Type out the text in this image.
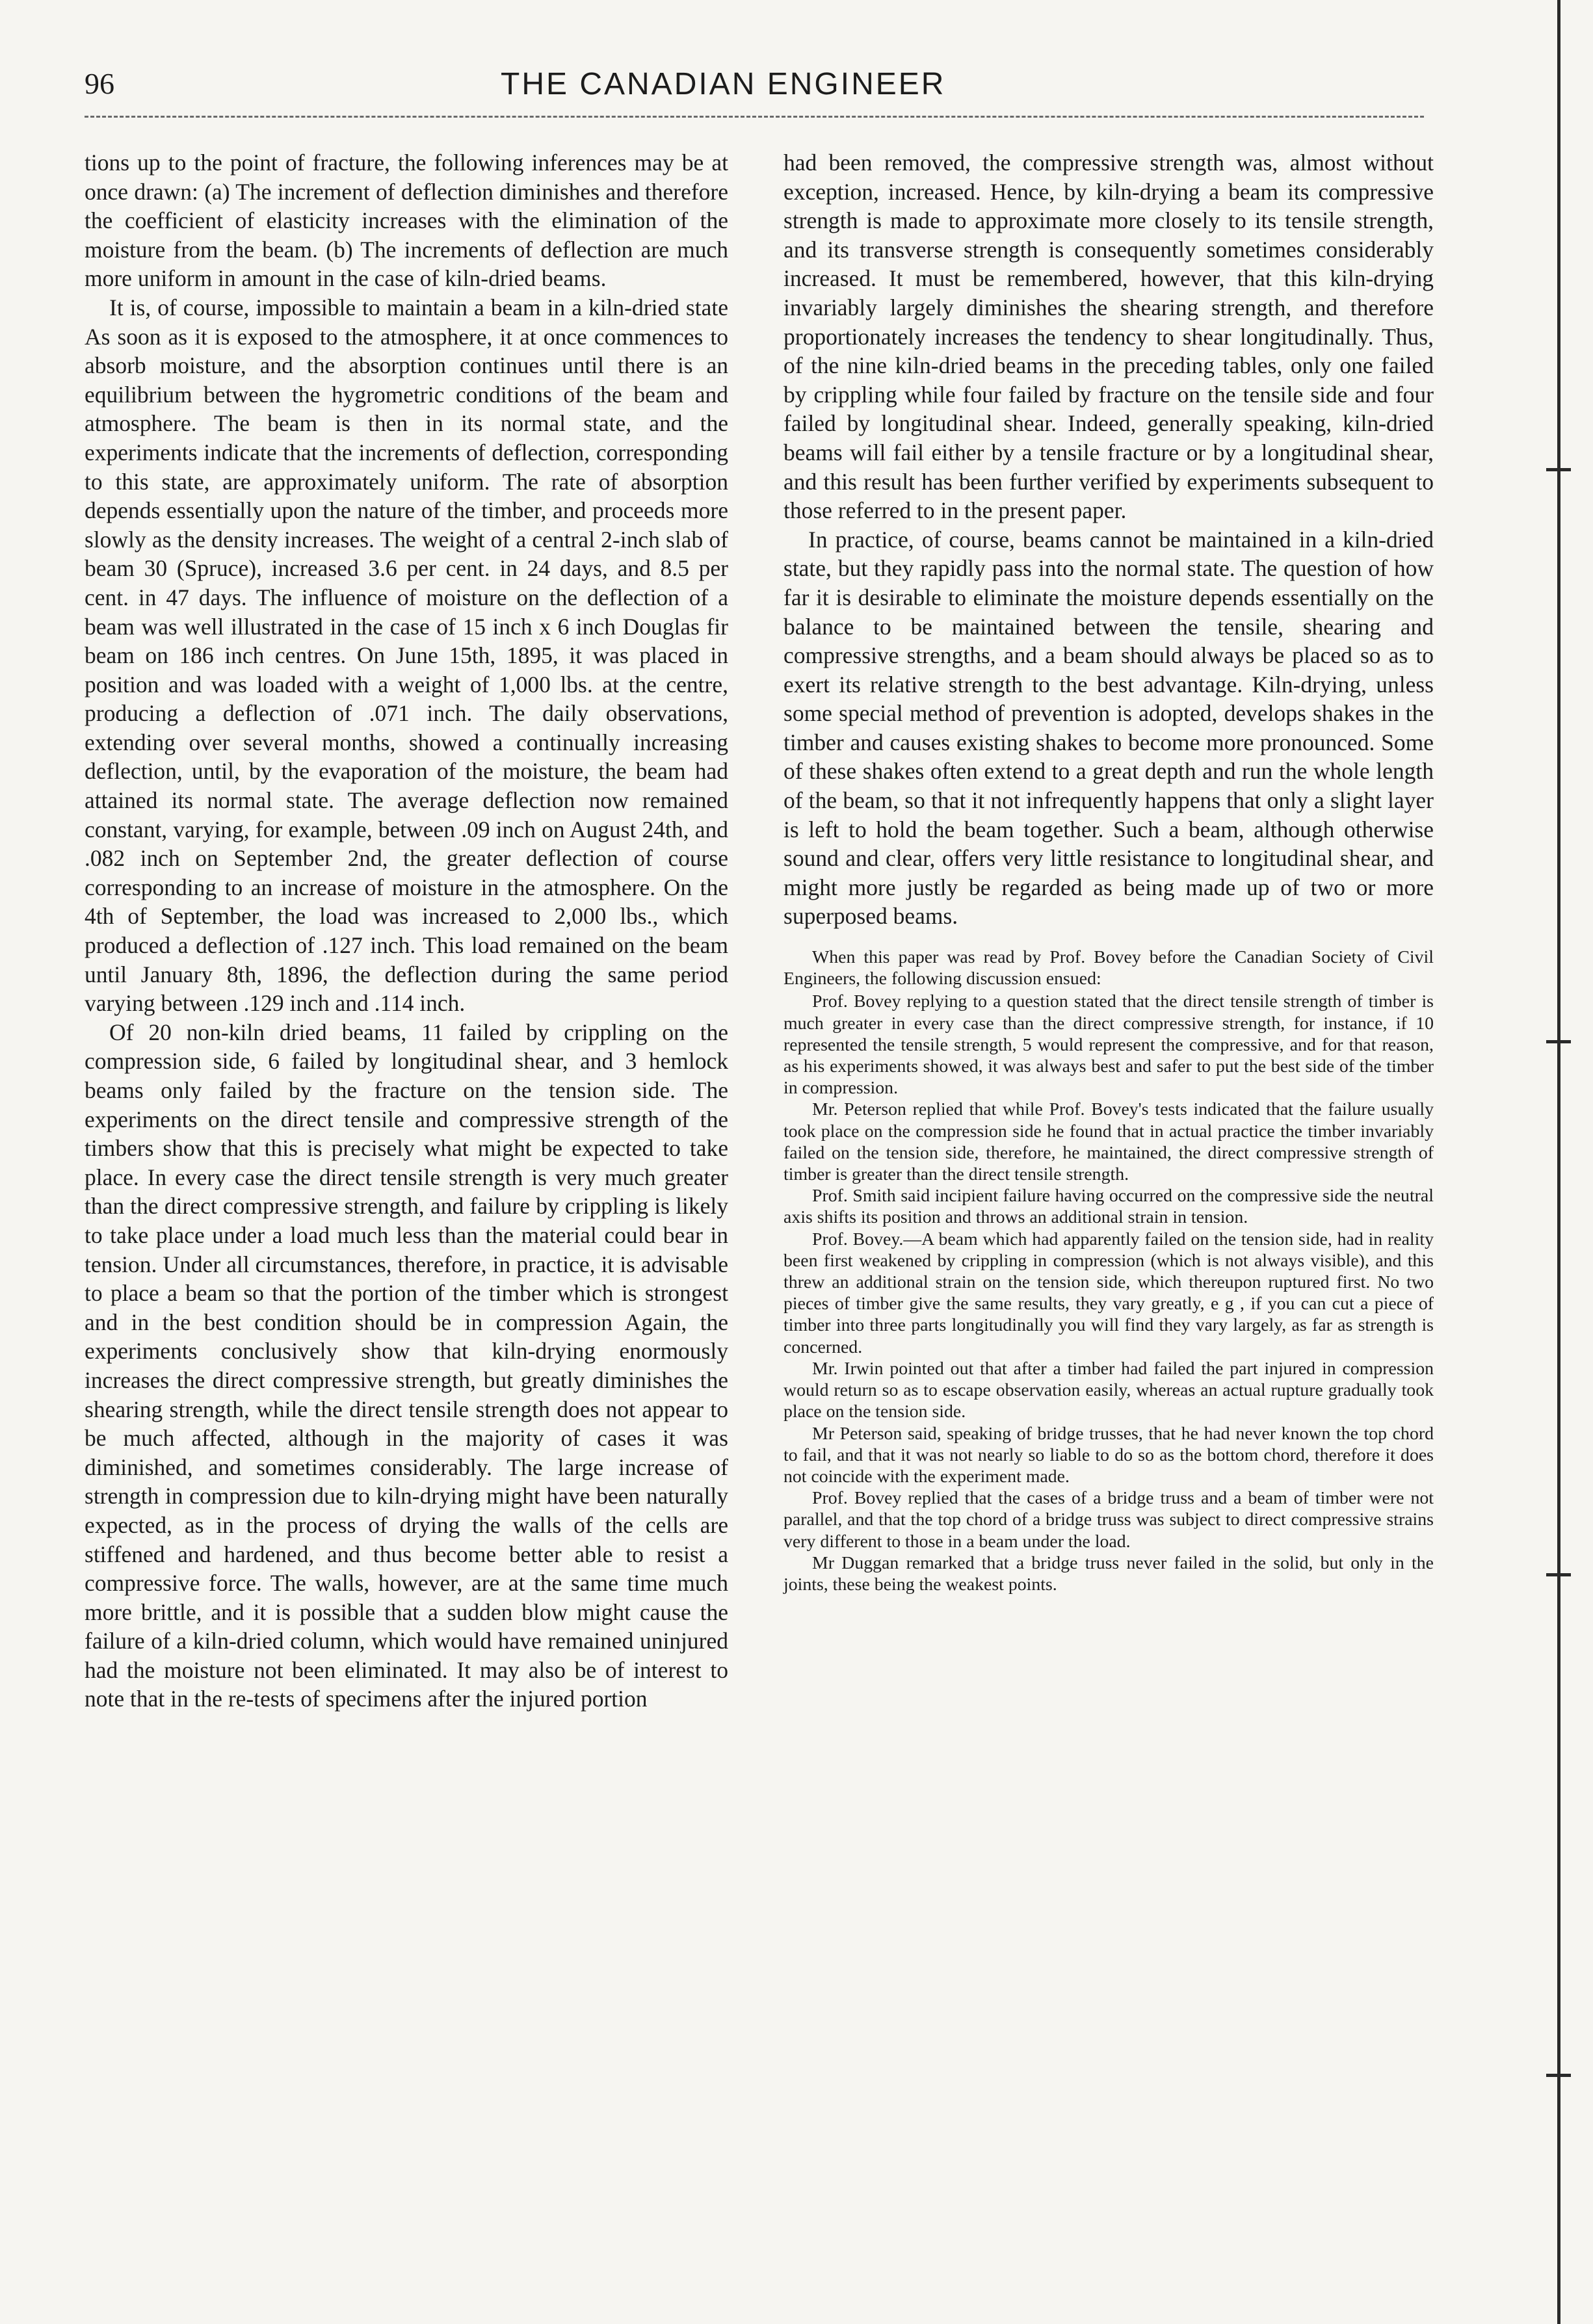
96	THE CANADIAN ENGINEER

tions up to the point of fracture, the following inferences may be at once drawn: (a) The increment of deflection diminishes and therefore the coefficient of elasticity increases with the elimination of the moisture from the beam. (b) The increments of deflection are much more uniform in amount in the case of kiln-dried beams.

It is, of course, impossible to maintain a beam in a kiln-dried state As soon as it is exposed to the atmosphere, it at once commences to absorb moisture, and the absorption continues until there is an equilibrium between the hygrometric conditions of the beam and atmosphere. The beam is then in its normal state, and the experiments indicate that the increments of deflection, corresponding to this state, are approximately uniform. The rate of absorption depends essentially upon the nature of the timber, and proceeds more slowly as the density increases. The weight of a central 2-inch slab of beam 30 (Spruce), increased 3.6 per cent. in 24 days, and 8.5 per cent. in 47 days. The influence of moisture on the deflection of a beam was well illustrated in the case of 15 inch x 6 inch Douglas fir beam on 186 inch centres. On June 15th, 1895, it was placed in position and was loaded with a weight of 1,000 lbs. at the centre, producing a deflection of .071 inch. The daily observations, extending over several months, showed a continually increasing deflection, until, by the evaporation of the moisture, the beam had attained its normal state. The average deflection now remained constant, varying, for example, between .09 inch on August 24th, and .082 inch on September 2nd, the greater deflection of course corresponding to an increase of moisture in the atmosphere. On the 4th of September, the load was increased to 2,000 lbs., which produced a deflection of .127 inch. This load remained on the beam until January 8th, 1896, the deflection during the same period varying between .129 inch and .114 inch.

Of 20 non-kiln dried beams, 11 failed by crippling on the compression side, 6 failed by longitudinal shear, and 3 hemlock beams only failed by the fracture on the tension side. The experiments on the direct tensile and compressive strength of the timbers show that this is precisely what might be expected to take place. In every case the direct tensile strength is very much greater than the direct compressive strength, and failure by crippling is likely to take place under a load much less than the material could bear in tension. Under all circumstances, therefore, in practice, it is advisable to place a beam so that the portion of the timber which is strongest and in the best condition should be in compression Again, the experiments conclusively show that kiln-drying enormously increases the direct compressive strength, but greatly diminishes the shearing strength, while the direct tensile strength does not appear to be much affected, although in the majority of cases it was diminished, and sometimes considerably. The large increase of strength in compression due to kiln-drying might have been naturally expected, as in the process of drying the walls of the cells are stiffened and hardened, and thus become better able to resist a compressive force. The walls, however, are at the same time much more brittle, and it is possible that a sudden blow might cause the failure of a kiln-dried column, which would have remained uninjured had the moisture not been eliminated. It may also be of interest to note that in the re-tests of specimens after the injured portion

had been removed, the compressive strength was, almost without exception, increased. Hence, by kiln-drying a beam its compressive strength is made to approximate more closely to its tensile strength, and its transverse strength is consequently sometimes considerably increased. It must be remembered, however, that this kiln-drying invariably largely diminishes the shearing strength, and therefore proportionately increases the tendency to shear longitudinally. Thus, of the nine kiln-dried beams in the preceding tables, only one failed by crippling while four failed by fracture on the tensile side and four failed by longitudinal shear. Indeed, generally speaking, kiln-dried beams will fail either by a tensile fracture or by a longitudinal shear, and this result has been further verified by experiments subsequent to those referred to in the present paper.

In practice, of course, beams cannot be maintained in a kiln-dried state, but they rapidly pass into the normal state. The question of how far it is desirable to eliminate the moisture depends essentially on the balance to be maintained between the tensile, shearing and compressive strengths, and a beam should always be placed so as to exert its relative strength to the best advantage. Kiln-drying, unless some special method of prevention is adopted, develops shakes in the timber and causes existing shakes to become more pronounced. Some of these shakes often extend to a great depth and run the whole length of the beam, so that it not infrequently happens that only a slight layer is left to hold the beam together. Such a beam, although otherwise sound and clear, offers very little resistance to longitudinal shear, and might more justly be regarded as being made up of two or more superposed beams.

When this paper was read by Prof. Bovey before the Canadian Society of Civil Engineers, the following discussion ensued:

Prof. Bovey replying to a question stated that the direct tensile strength of timber is much greater in every case than the direct compressive strength, for instance, if 10 represented the tensile strength, 5 would represent the compressive, and for that reason, as his experiments showed, it was always best and safer to put the best side of the timber in compression.

Mr. Peterson replied that while Prof. Bovey's tests indicated that the failure usually took place on the compression side he found that in actual practice the timber invariably failed on the tension side, therefore, he maintained, the direct compressive strength of timber is greater than the direct tensile strength.

Prof. Smith said incipient failure having occurred on the compressive side the neutral axis shifts its position and throws an additional strain in tension.

Prof. Bovey.—A beam which had apparently failed on the tension side, had in reality been first weakened by crippling in compression (which is not always visible), and this threw an additional strain on the tension side, which thereupon ruptured first. No two pieces of timber give the same results, they vary greatly, e g , if you can cut a piece of timber into three parts longitudinally you will find they vary largely, as far as strength is concerned.

Mr. Irwin pointed out that after a timber had failed the part injured in compression would return so as to escape observation easily, whereas an actual rupture gradually took place on the tension side.

Mr Peterson said, speaking of bridge trusses, that he had never known the top chord to fail, and that it was not nearly so liable to do so as the bottom chord, therefore it does not coincide with the experiment made.

Prof. Bovey replied that the cases of a bridge truss and a beam of timber were not parallel, and that the top chord of a bridge truss was subject to direct compressive strains very different to those in a beam under the load.

Mr Duggan remarked that a bridge truss never failed in the solid, but only in the joints, these being the weakest points.
